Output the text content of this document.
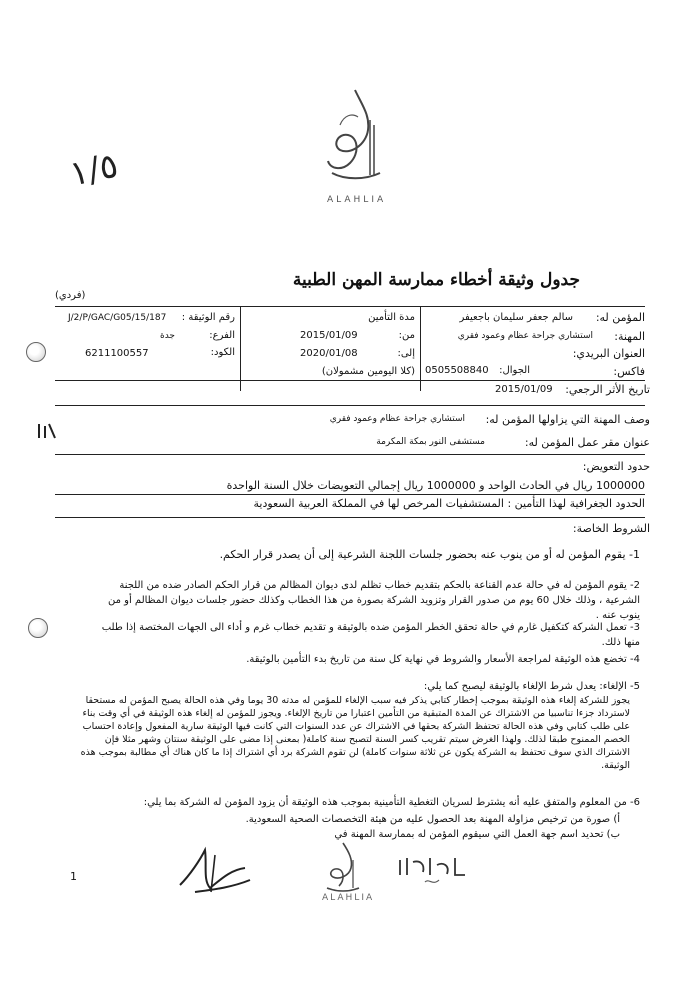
ALAHLIA
١/٥
جدول وثيقة أخطاء ممارسة المهن الطبية
(فردي)
المؤمن له:
سالم جعفر سليمان باجعيفر
مدة التأمين
رقم الوثيقة :
J/2/P/GAC/G05/15/187
المهنة:
استشاري جراحة عظام وعمود فقري
من:
2015/01/09
الفرع:
جدة
العنوان البريدي:
إلى:
2020/01/08
الكود:
6211100557
فاكس:
الجوال:
0505508840
(كلا اليومين مشمولان)
تاريخ الأثر الرجعي:
2015/01/09
وصف المهنة التي يزاولها المؤمن له:
استشاري جراحة عظام وعمود فقري
عنوان مقر عمل المؤمن له:
مستشفى النور بمكة المكرمة
حدود التعويض:
1000000 ريال في الحادث الواحد و 1000000 ريال إجمالي التعويضات خلال السنة الواحدة
الحدود الجغرافية لهذا التأمين : المستشفيات المرخص لها في المملكة العربية السعودية
الشروط الخاصة:
1- يقوم المؤمن له أو من ينوب عنه بحضور جلسات اللجنة الشرعية إلى أن يصدر قرار الحكم.
2- يقوم المؤمن له في حالة عدم القناعة بالحكم بتقديم خطاب تظلم لدى ديوان المظالم من قرار الحكم الصادر ضده من اللجنة الشرعية ، وذلك خلال 60 يوم من صدور القرار وتزويد الشركة بصورة من هذا الخطاب وكذلك حضور جلسات ديوان المظالم أو من ينوب عنه .
3- تعمل الشركة كتكفيل غارم في حالة تحقق الخطر المؤمن ضده بالوثيقة و تقديم خطاب غرم و أداء الى الجهات المختصة إذا طلب منها ذلك.
4- تخضع هذه الوثيقة لمراجعة الأسعار والشروط في نهاية كل سنة من تاريخ بدء التأمين بالوثيقة.
5- الإلغاء: يعدل شرط الإلغاء بالوثيقة ليصبح كما يلي:
يجوز للشركة إلغاء هذه الوثيقة بموجب إخطار كتابي يذكر فيه سبب الإلغاء للمؤمن له مدته 30 يوما وفي هذه الحالة يصبح المؤمن له مستحقا لاسترداد جزءا تناسبيا من الاشتراك عن المدة المتبقية من التأمين اعتبارا من تاريخ الإلغاء. ويجوز للمؤمن له إلغاء هذه الوثيقة في أي وقت بناء على طلب كتابي وفي هذه الحالة تحتفظ الشركة بحقها في الاشتراك عن عدد السنوات التي كانت فيها الوثيقة سارية المفعول وإعادة احتساب الخصم الممنوح طبقا لذلك. ولهذا الغرض سيتم تقريب كسر السنة لتصبح سنة كاملة( بمعنى إذا مضى على الوثيقة سنتان وشهر مثلا فإن الاشتراك الذي سوف تحتفظ به الشركة يكون عن ثلاثة سنوات كاملة) لن تقوم الشركة برد أي اشتراك إذا ما كان هناك أي مطالبة بموجب هذه الوثيقة.
6- من المعلوم والمتفق عليه أنه يشترط لسريان التغطية التأمينية بموجب هذه الوثيقة أن يزود المؤمن له الشركة بما يلي:
أ) صورة من ترخيص مزاولة المهنة بعد الحصول عليه من هيئة التخصصات الصحية السعودية.
ب) تحديد اسم جهة العمل التي سيقوم المؤمن له بممارسة المهنة في
1
ALAHLIA
